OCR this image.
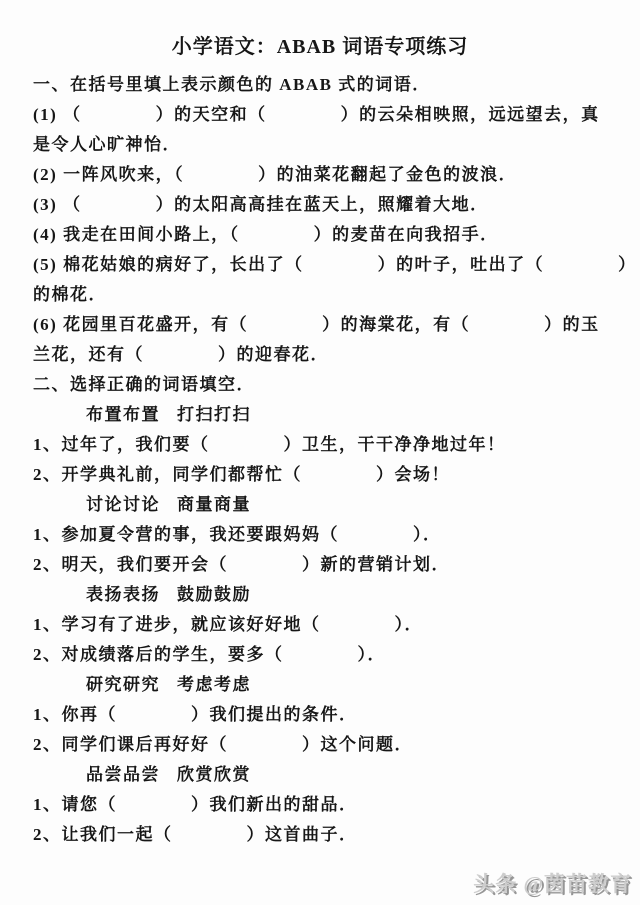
小学语文：ABAB 词语专项练习

一、在括号里填上表示颜色的 ABAB 式的词语．

(1) （　　　　）的天空和（　　　　）的云朵相映照，远远望去，真

是令人心旷神怡．

(2) 一阵风吹来，（　　　　）的油菜花翻起了金色的波浪．

(3) （　　　　）的太阳高高挂在蓝天上，照耀着大地．

(4) 我走在田间小路上，（　　　　）的麦苗在向我招手．

(5) 棉花姑娘的病好了，长出了（　　　　）的叶子，吐出了（　　　　）

的棉花．

(6) 花园里百花盛开，有（　　　　）的海棠花，有（　　　　）的玉

兰花，还有（　　　　）的迎春花．

二、选择正确的词语填空．

布置布置 打扫打扫

1、过年了，我们要（　　　　）卫生，干干净净地过年！

2、开学典礼前，同学们都帮忙（　　　　）会场！

讨论讨论 商量商量

1、参加夏令营的事，我还要跟妈妈（　　　　）．

2、明天，我们要开会（　　　　）新的营销计划．

表扬表扬 鼓励鼓励

1、学习有了进步，就应该好好地（　　　　）．

2、对成绩落后的学生，要多（　　　　）．

研究研究 考虑考虑

1、你再（　　　　）我们提出的条件．

2、同学们课后再好好（　　　　）这个问题．

品尝品尝 欣赏欣赏

1、请您（　　　　）我们新出的甜品．

2、让我们一起（　　　　）这首曲子．

头条 @茵苗教育
